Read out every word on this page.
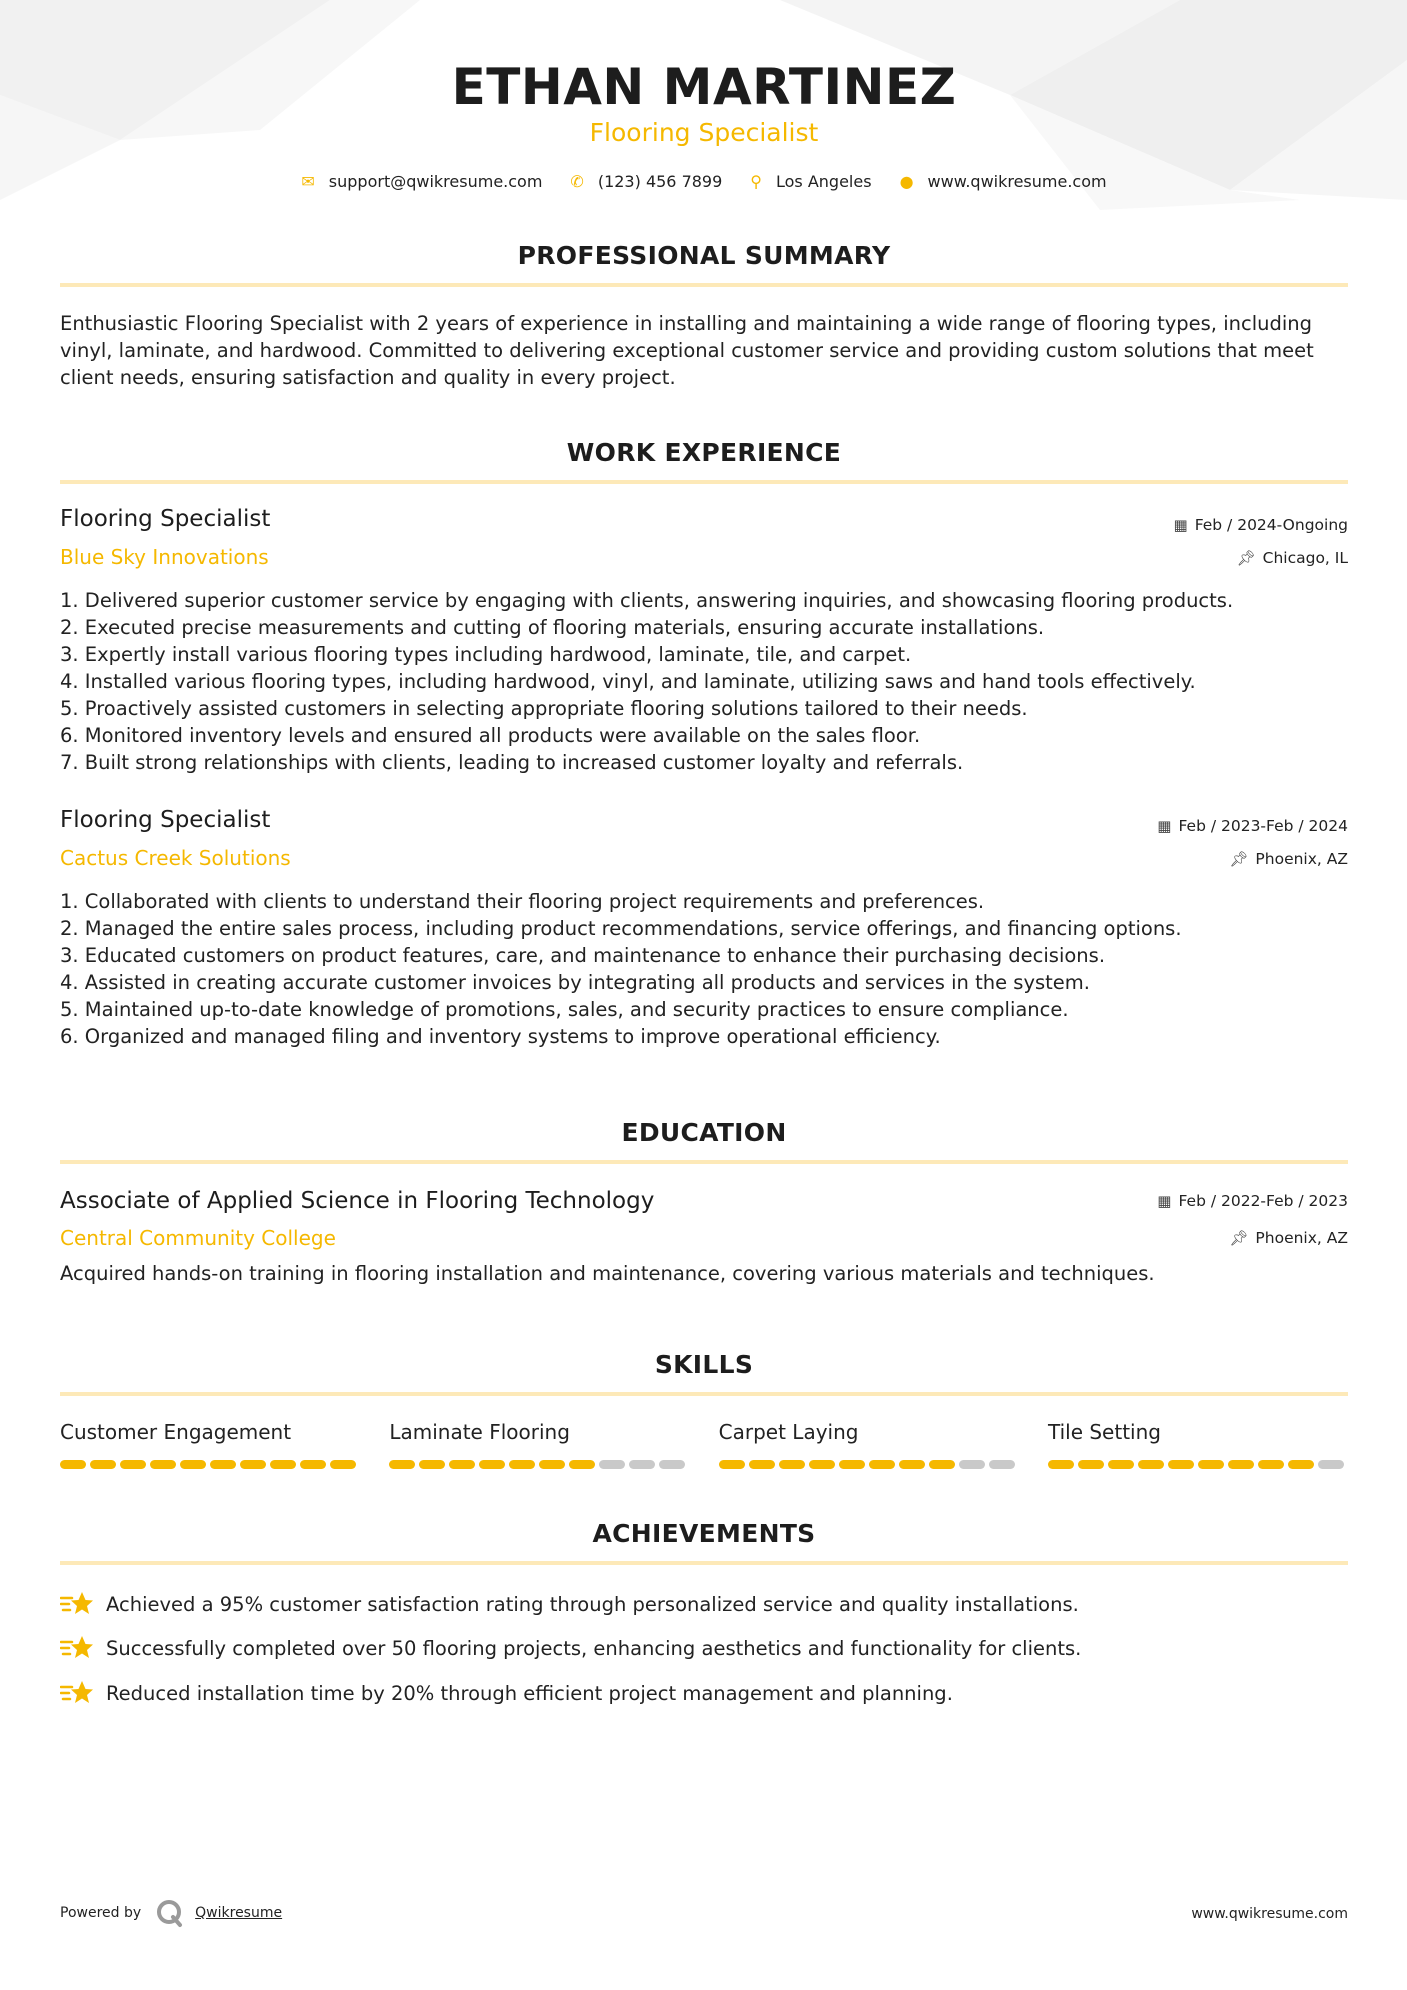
ETHAN MARTINEZ
Flooring Specialist
✉ support@qwikresume.com ✆ (123) 456 7899 ⚲ Los Angeles ● www.qwikresume.com
PROFESSIONAL SUMMARY
Enthusiastic Flooring Specialist with 2 years of experience in installing and maintaining a wide range of flooring types, including vinyl, laminate, and hardwood. Committed to delivering exceptional customer service and providing custom solutions that meet client needs, ensuring satisfaction and quality in every project.
WORK EXPERIENCE
Flooring Specialist	▦ Feb / 2024-Ongoing
Blue Sky Innovations	📌︎ Chicago, IL
1. Delivered superior customer service by engaging with clients, answering inquiries, and showcasing flooring products.
2. Executed precise measurements and cutting of flooring materials, ensuring accurate installations.
3. Expertly install various flooring types including hardwood, laminate, tile, and carpet.
4. Installed various flooring types, including hardwood, vinyl, and laminate, utilizing saws and hand tools effectively.
5. Proactively assisted customers in selecting appropriate flooring solutions tailored to their needs.
6. Monitored inventory levels and ensured all products were available on the sales floor.
7. Built strong relationships with clients, leading to increased customer loyalty and referrals.
Flooring Specialist	▦ Feb / 2023-Feb / 2024
Cactus Creek Solutions	📌︎ Phoenix, AZ
1. Collaborated with clients to understand their flooring project requirements and preferences.
2. Managed the entire sales process, including product recommendations, service offerings, and financing options.
3. Educated customers on product features, care, and maintenance to enhance their purchasing decisions.
4. Assisted in creating accurate customer invoices by integrating all products and services in the system.
5. Maintained up-to-date knowledge of promotions, sales, and security practices to ensure compliance.
6. Organized and managed filing and inventory systems to improve operational efficiency.
EDUCATION
Associate of Applied Science in Flooring Technology	▦ Feb / 2022-Feb / 2023
Central Community College	📌︎ Phoenix, AZ
Acquired hands-on training in flooring installation and maintenance, covering various materials and techniques.
SKILLS
Customer Engagement	Laminate Flooring	Carpet Laying	Tile Setting
ACHIEVEMENTS
Achieved a 95% customer satisfaction rating through personalized service and quality installations.
Successfully completed over 50 flooring projects, enhancing aesthetics and functionality for clients.
Reduced installation time by 20% through efficient project management and planning.
Powered by	Qwikresume	www.qwikresume.com
